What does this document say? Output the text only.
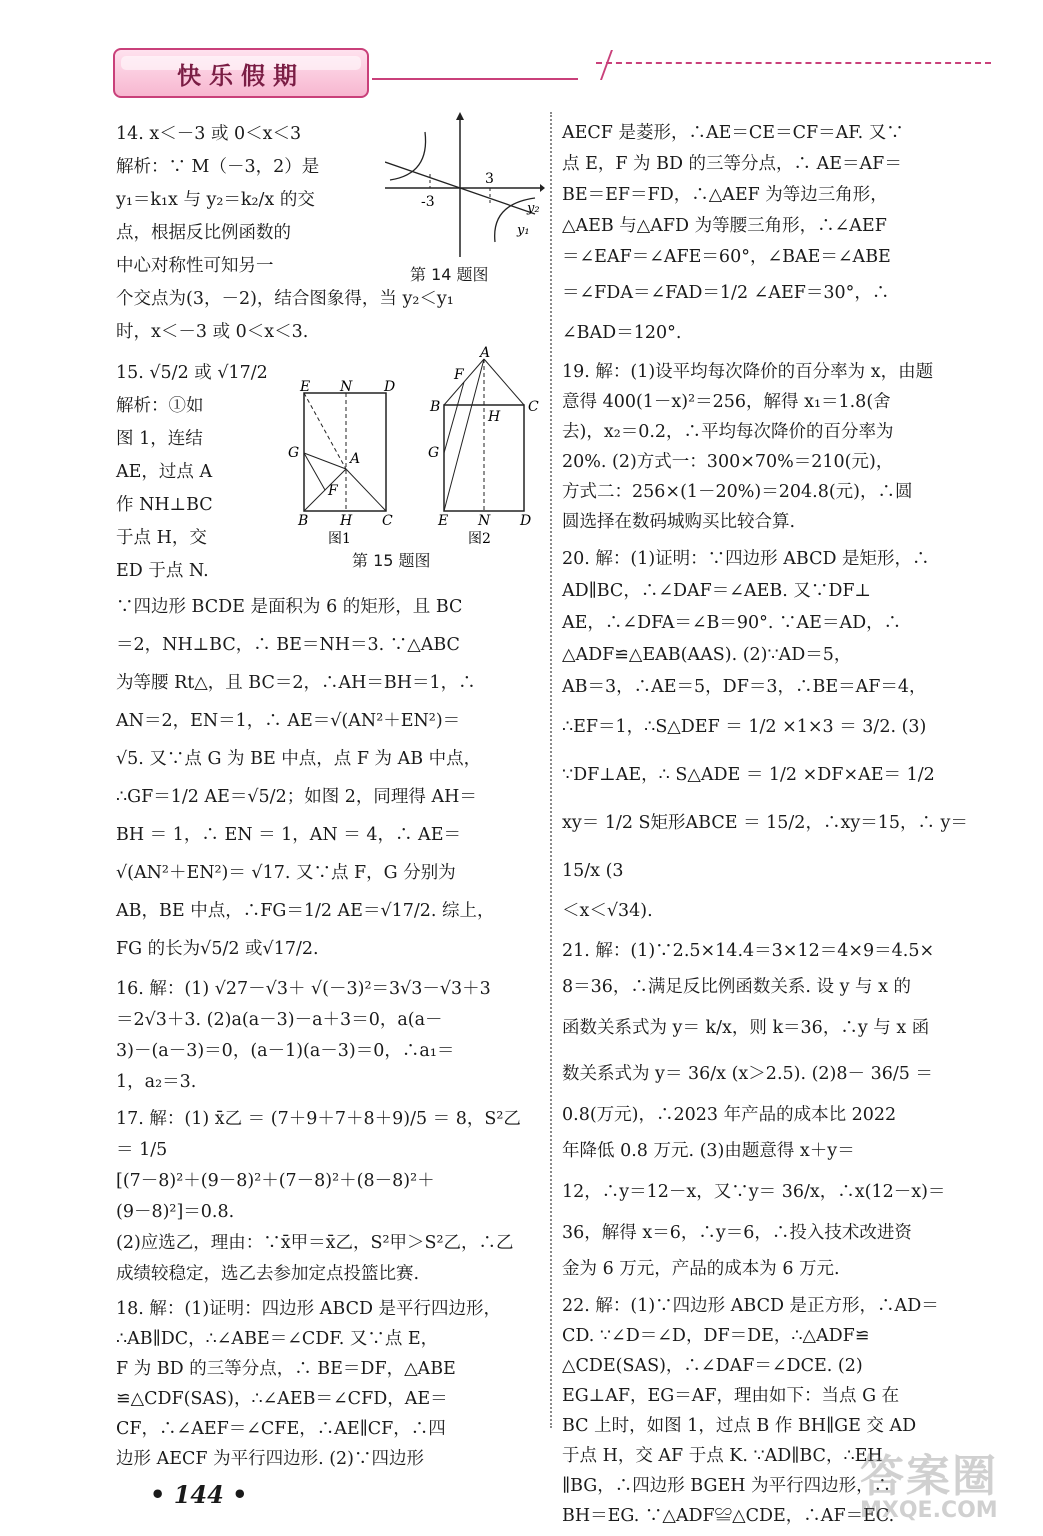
快乐假期

14. x＜－3 或 0＜x＜3

解析：∵ M（－3，2）是

y₁＝k₁x 与 y₂＝k₂/x 的交

点，根据反比例函数的

中心对称性可知另一

个交点为(3，－2)，结合图象得，当 y₂＜y₁

时，x＜－3 或 0＜x＜3.

15. √5/2 或 √17/2

解析：①如

图 1，连结

AE，过点 A

作 NH⊥BC

于点 H，交

ED 于点 N.

∵四边形 BCDE 是面积为 6 的矩形，且 BC

＝2，NH⊥BC，∴ BE＝NH＝3. ∵△ABC

为等腰 Rt△，且 BC＝2，∴AH＝BH＝1，∴

AN＝2，EN＝1，∴ AE＝√(AN²＋EN²)＝

√5. 又∵点 G 为 BE 中点，点 F 为 AB 中点，

∴GF＝1/2 AE＝√5/2；如图 2，同理得 AH＝

BH ＝ 1，∴ EN ＝ 1，AN ＝ 4，∴ AE＝

√(AN²＋EN²)＝ √17. 又∵点 F，G 分别为

AB，BE 中点，∴FG＝1/2 AE＝√17/2. 综上，

FG 的长为√5/2 或√17/2.

16. 解：(1) √27－√3＋ √(－3)²＝3√3－√3＋3

＝2√3＋3. (2)a(a－3)－a＋3＝0，a(a－

3)－(a－3)＝0，(a－1)(a－3)＝0，∴a₁＝

1，a₂＝3.

17. 解：(1) x̄乙 ＝ (7＋9＋7＋8＋9)/5 ＝ 8，S²乙 ＝ 1/5

[(7－8)²＋(9－8)²＋(7－8)²＋(8－8)²＋

(9－8)²]＝0.8.

(2)应选乙，理由：∵x̄甲＝x̄乙，S²甲＞S²乙，∴乙

成绩较稳定，选乙去参加定点投篮比赛.

18. 解：(1)证明：四边形 ABCD 是平行四边形，

∴AB∥DC，∴∠ABE＝∠CDF. 又∵点 E，

F 为 BD 的三等分点，∴ BE＝DF，△ABE

≌△CDF(SAS)，∴∠AEB＝∠CFD，AE＝

CF，∴∠AEF＝∠CFE，∴AE∥CF，∴四

边形 AECF 为平行四边形. (2)∵四边形

-3
3
y₂
y₁
第 14 题图
E N D
G	A
F
B H C
图1
A
F
B
H
C
G
E N D
图2
第 15 题图

AECF 是菱形，∴AE＝CE＝CF＝AF. 又∵

点 E，F 为 BD 的三等分点，∴ AE＝AF＝

BE＝EF＝FD，∴△AEF 为等边三角形，

△AEB 与△AFD 为等腰三角形，∴∠AEF

＝∠EAF＝∠AFE＝60°，∠BAE＝∠ABE

＝∠FDA＝∠FAD＝1/2 ∠AEF＝30°，∴

∠BAD＝120°.

19. 解：(1)设平均每次降价的百分率为 x，由题

意得 400(1－x)²＝256，解得 x₁＝1.8(舍

去)，x₂＝0.2，∴平均每次降价的百分率为

20%. (2)方式一：300×70%＝210(元)，

方式二：256×(1－20%)＝204.8(元)，∴圆

圆选择在数码城购买比较合算.

20. 解：(1)证明：∵四边形 ABCD 是矩形，∴

AD∥BC，∴∠DAF＝∠AEB. 又∵DF⊥

AE，∴∠DFA＝∠B＝90°. ∵AE＝AD，∴

△ADF≌△EAB(AAS). (2)∵AD＝5，

AB＝3，∴AE＝5，DF＝3，∴BE＝AF＝4，

∴EF＝1，∴S△DEF ＝ 1/2 ×1×3 ＝ 3/2. (3)

∵DF⊥AE，∴ S△ADE ＝ 1/2 ×DF×AE＝ 1/2

xy＝ 1/2 S矩形ABCE ＝ 15/2，∴xy＝15，∴ y＝ 15/x (3

＜x＜√34).

21. 解：(1)∵2.5×14.4＝3×12＝4×9＝4.5×

8＝36，∴满足反比例函数关系. 设 y 与 x 的

函数关系式为 y＝ k/x，则 k＝36，∴y 与 x 函

数关系式为 y＝ 36/x (x＞2.5). (2)8－ 36/5 ＝

0.8(万元)，∴2023 年产品的成本比 2022

年降低 0.8 万元. (3)由题意得 x＋y＝

12，∴y＝12－x，又∵y＝ 36/x，∴x(12－x)＝

36，解得 x＝6，∴y＝6，∴投入技术改进资

金为 6 万元，产品的成本为 6 万元.

22. 解：(1)∵四边形 ABCD 是正方形，∴AD＝

CD. ∵∠D＝∠D，DF＝DE，∴△ADF≌

△CDE(SAS)，∴∠DAF＝∠DCE. (2)

EG⊥AF，EG＝AF，理由如下：当点 G 在

BC 上时，如图 1，过点 B 作 BH∥GE 交 AD

于点 H，交 AF 于点 K. ∵AD∥BC，∴EH

∥BG，∴四边形 BGEH 为平行四边形，∴

BH＝EG. ∵△ADF≌△CDE，∴AF＝EC.

• 144 •	答案圈
MXQE.COM
